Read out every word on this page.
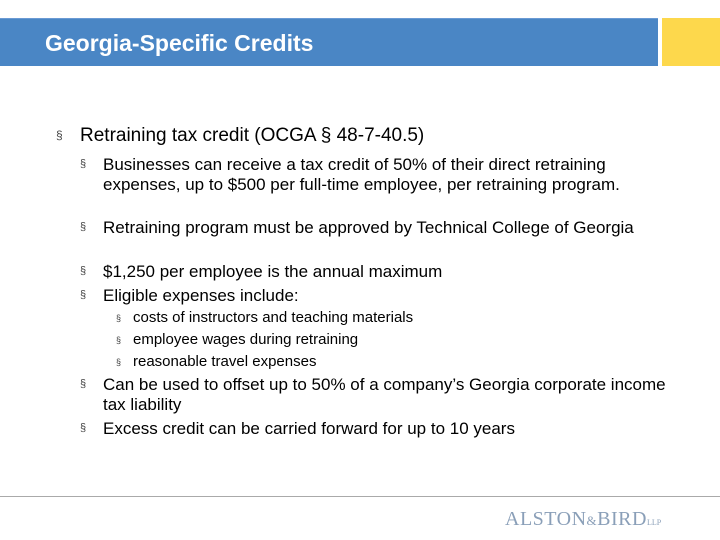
Georgia-Specific Credits
§ Retraining tax credit (OCGA § 48-7-40.5)
§ Businesses can receive a tax credit of 50% of their direct retraining expenses, up to $500 per full-time employee, per retraining program.
§ Retraining program must be approved by Technical College of Georgia
§ $1,250 per employee is the annual maximum
§ Eligible expenses include:
§ costs of instructors and teaching materials
§ employee wages during retraining
§ reasonable travel expenses
§ Can be used to offset up to 50% of a company’s Georgia corporate income tax liability
§ Excess credit can be carried forward for up to 10 years
ALSTON&BIRDLLP
